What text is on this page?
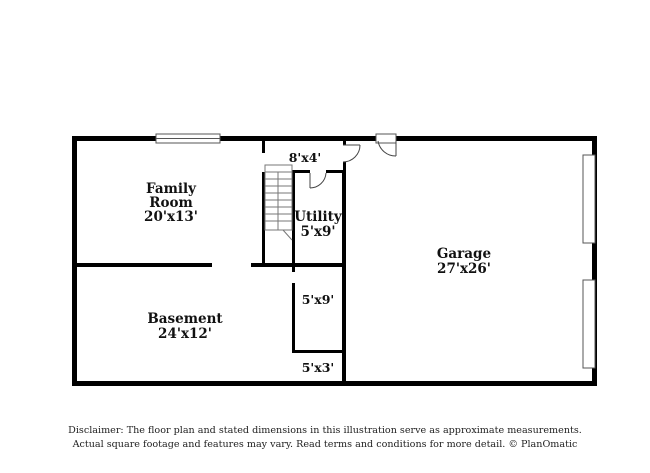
Family
Room
20'x13'
Basement
24'x12'
Utility
5'x9'
Garage
27'x26'
8'x4'
5'x9'
5'x3'
Disclaimer: The floor plan and stated dimensions in this illustration serve as approximate measurements.
Actual square footage and features may vary. Read terms and conditions for more detail. © PlanOmatic
